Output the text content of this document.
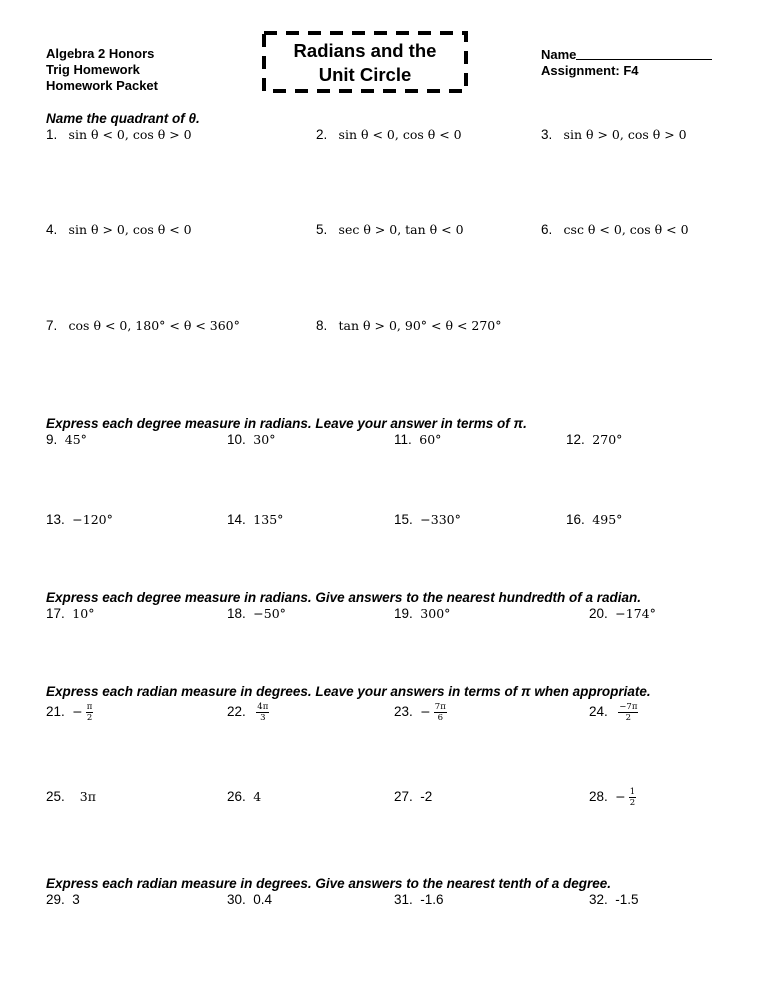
Algebra 2 Honors
Trig Homework
Homework Packet
Radians and the
Unit Circle
Name
Assignment: F4
Name the quadrant of θ.
1. sin θ < 0, cos θ > 0	2. sin θ < 0, cos θ < 0	3. sin θ > 0, cos θ > 0
4. sin θ > 0, cos θ < 0	5. sec θ > 0, tan θ < 0	6. csc θ < 0, cos θ < 0
7. cos θ < 0, 180° < θ < 360°	8. tan θ > 0, 90° < θ < 270°
Express each degree measure in radians. Leave your answer in terms of π.
9. 45°	10. 30°	11. 60°	12. 270°
13. −120°	14. 135°	15. −330°	16. 495°
Express each degree measure in radians. Give answers to the nearest hundredth of a radian.
17. 10°	18. −50°	19. 300°	20. −174°
Express each radian measure in degrees. Leave your answers in terms of π when appropriate.
21. − $\frac{\pi}{2}$	22. $\frac{4\pi}{3}$	23. − $\frac{7\pi}{6}$	24. $\frac{-7\pi}{2}$
25. 3π	26. 4	27. -2	28. − $\frac{1}{2}$
Express each radian measure in degrees. Give answers to the nearest tenth of a degree.
29. 3	30. 0.4	31. -1.6	32. -1.5
